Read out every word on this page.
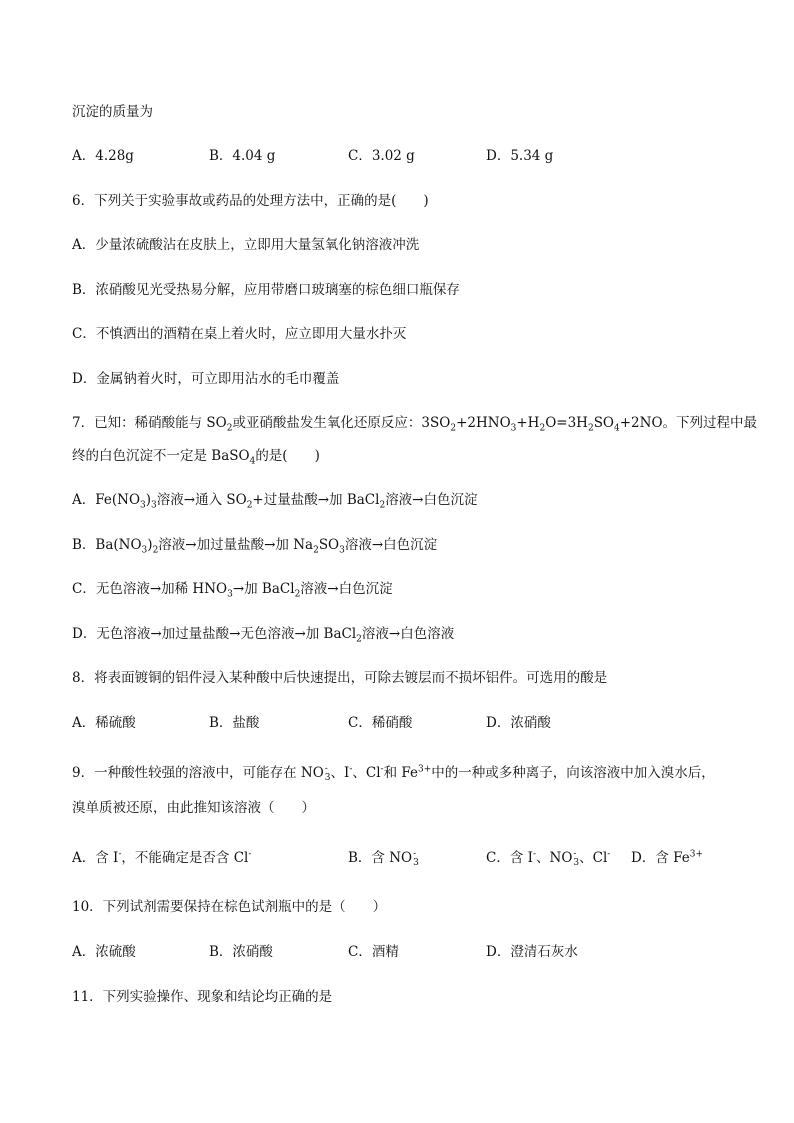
沉淀的质量为
A．4.28g	B．4.04 g	C．3.02 g	D．5.34 g
6．下列关于实验事故或药品的处理方法中，正确的是(　　)
A．少量浓硫酸沾在皮肤上，立即用大量氢氧化钠溶液冲洗
B．浓硝酸见光受热易分解，应用带磨口玻璃塞的棕色细口瓶保存
C．不慎洒出的酒精在桌上着火时，应立即用大量水扑灭
D．金属钠着火时，可立即用沾水的毛巾覆盖
7．已知：稀硝酸能与 $SO_2$或亚硝酸盐发生氧化还原反应：$3SO_2+2HNO_3+H_2O=3H_2SO_4+2NO$。下列过程中最
终的白色沉淀不一定是 BaSO$_4$的是(　　)
A．$Fe(NO_3)_3$溶液→通入 $SO_2+$过量盐酸→加 BaCl$_2$溶液→白色沉淀
B．$Ba(NO_3)_2$溶液→加过量盐酸→加 $Na_2SO_3$溶液→白色沉淀
C．无色溶液→加稀 $HNO_3\to$加 BaCl$_2$溶液→白色沉淀
D．无色溶液→加过量盐酸→无色溶液→加 BaCl$_2$溶液→白色溶液
8．将表面镀铜的铝件浸入某种酸中后快速提出，可除去镀层而不损坏铝件。可选用的酸是
A．稀硫酸	B．盐酸	C．稀硝酸	D．浓硝酸
9．一种酸性较强的溶液中，可能存在 NO -
3 、I-、Cl-和 $Fe^{3+}$中的一种或多种离子，向该溶液中加入溴水后，
溴单质被还原，由此推知该溶液（　　）
A．含 I-，不能确定是否含 Cl-	B．含 NO -
3	C．含 I-、NO -
3 、Cl- D．含 $Fe^{3+}$
10．下列试剂需要保持在棕色试剂瓶中的是（　　）
A．浓硫酸	B．浓硝酸	C．酒精	D．澄清石灰水
11．下列实验操作、现象和结论均正确的是
